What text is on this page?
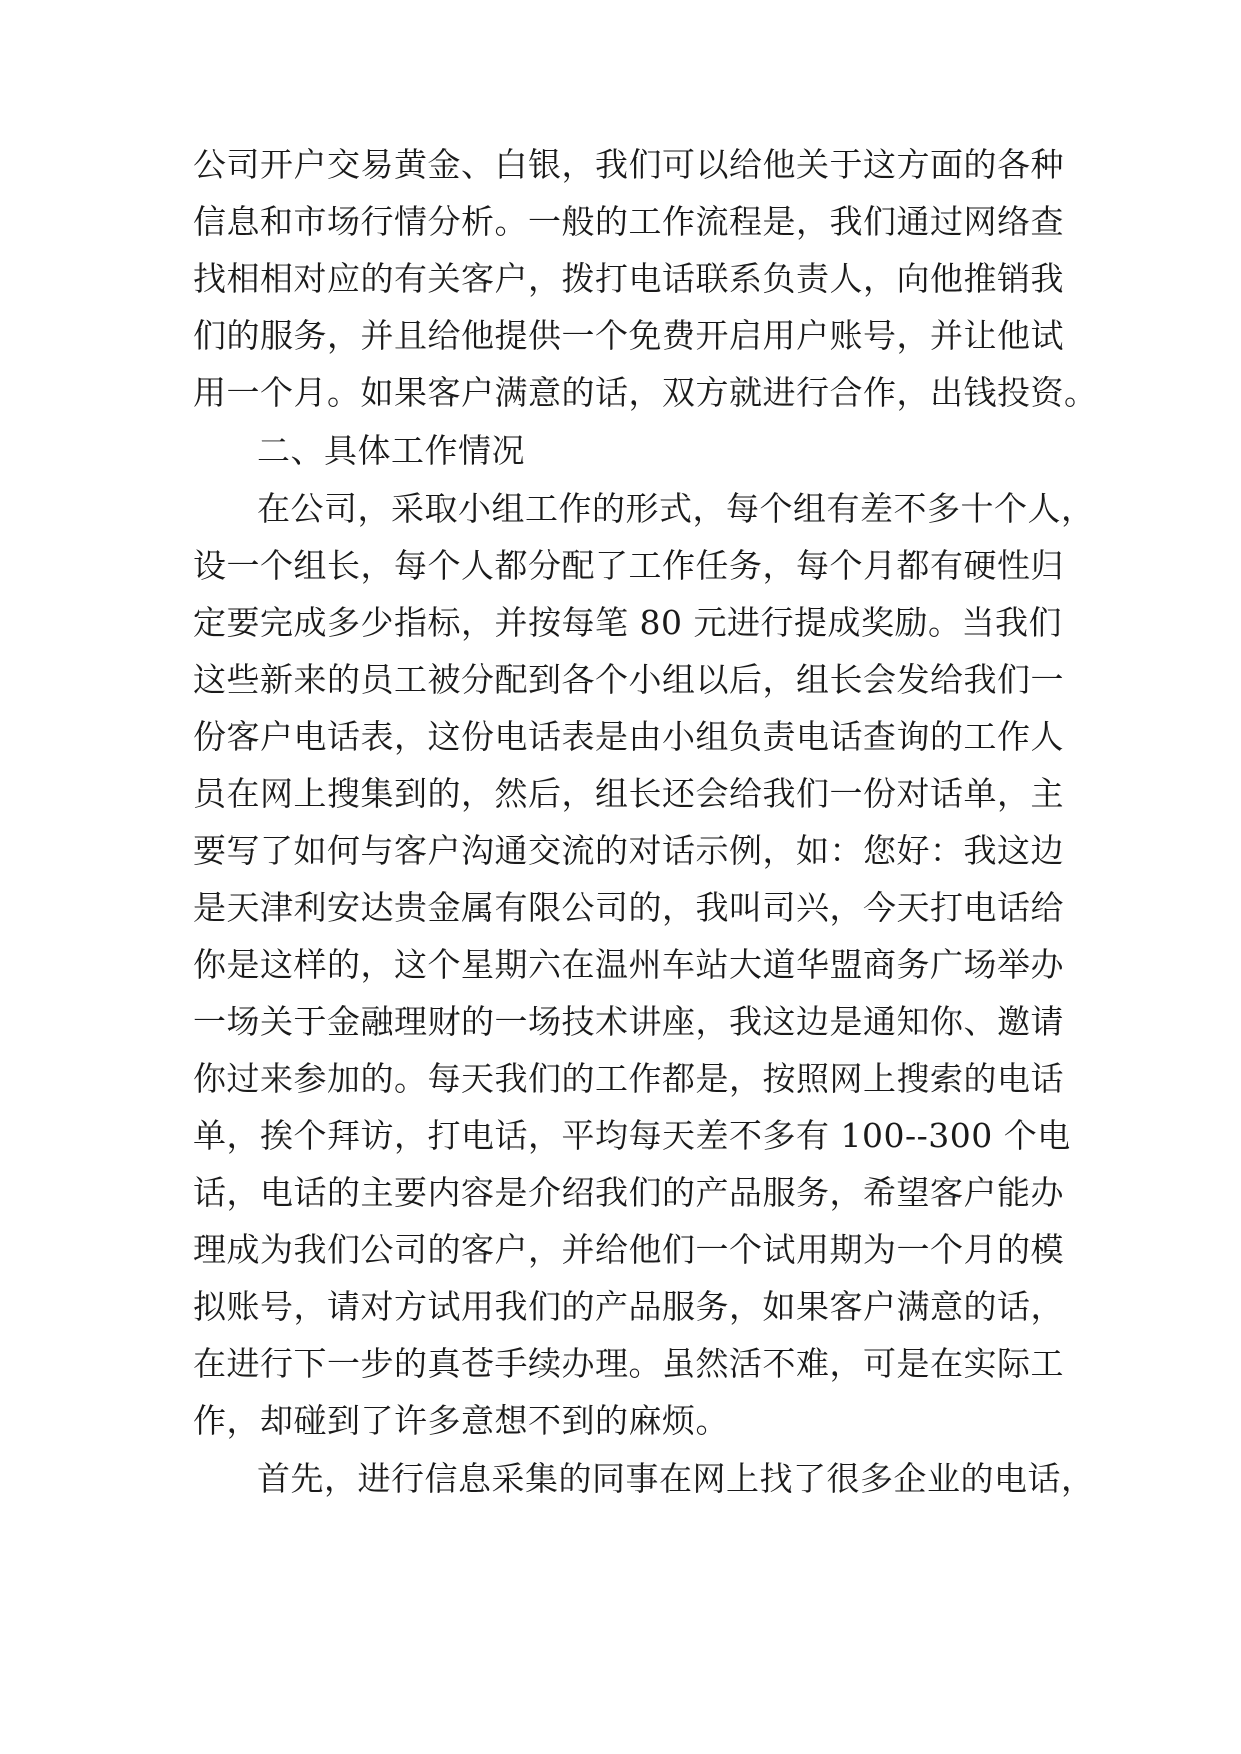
公司开户交易黄金、白银，我们可以给他关于这方面的各种
信息和市场行情分析。一般的工作流程是，我们通过网络查
找相相对应的有关客户，拨打电话联系负责人，向他推销我
们的服务，并且给他提供一个免费开启用户账号，并让他试
用一个月。如果客户满意的话，双方就进行合作，出钱投资。
二、具体工作情况
在公司，采取小组工作的形式，每个组有差不多十个人，
设一个组长，每个人都分配了工作任务，每个月都有硬性归
定要完成多少指标，并按每笔 80 元进行提成奖励。当我们
这些新来的员工被分配到各个小组以后，组长会发给我们一
份客户电话表，这份电话表是由小组负责电话查询的工作人
员在网上搜集到的，然后，组长还会给我们一份对话单，主
要写了如何与客户沟通交流的对话示例，如：您好：我这边
是天津利安达贵金属有限公司的，我叫司兴，今天打电话给
你是这样的，这个星期六在温州车站大道华盟商务广场举办
一场关于金融理财的一场技术讲座，我这边是通知你、邀请
你过来参加的。每天我们的工作都是，按照网上搜索的电话
单，挨个拜访，打电话，平均每天差不多有 100--300 个电
话，电话的主要内容是介绍我们的产品服务，希望客户能办
理成为我们公司的客户，并给他们一个试用期为一个月的模
拟账号，请对方试用我们的产品服务，如果客户满意的话，
在进行下一步的真苍手续办理。虽然活不难，可是在实际工
作，却碰到了许多意想不到的麻烦。
首先，进行信息采集的同事在网上找了很多企业的电话，
